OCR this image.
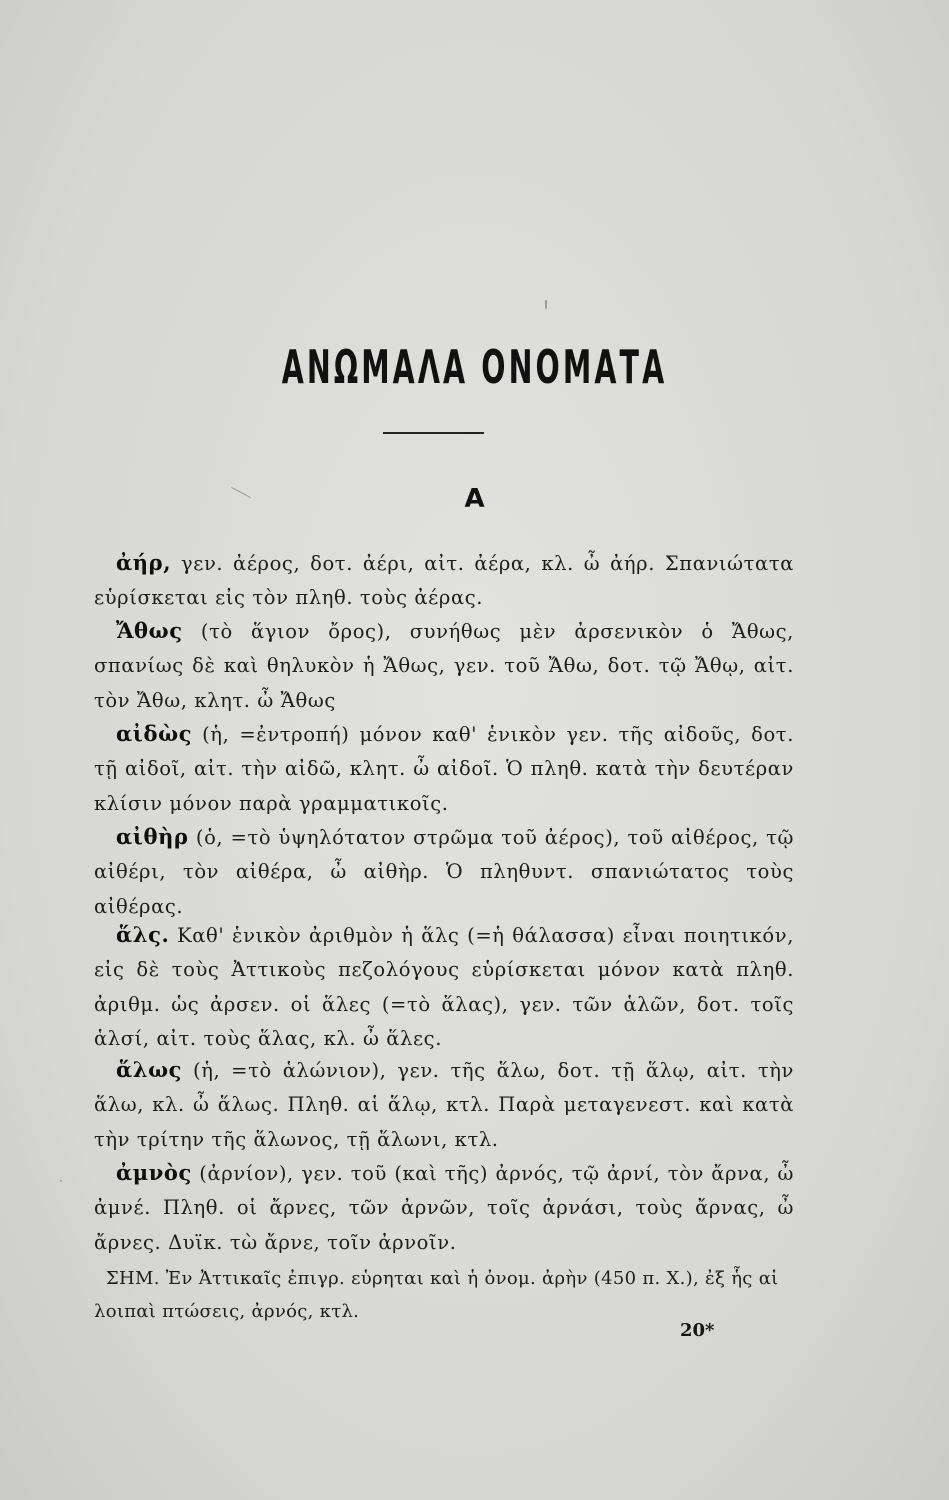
ΑΝΩΜΑΛΑ ΟΝΟΜΑΤΑ
Α
ἀήρ, γεν. ἀέρος, δοτ. ἀέρι, αἰτ. ἀέρα, κλ. ὦ ἀήρ. Σπανιώτατα εὑρίσκεται εἰς τὸν πληθ. τοὺς ἀέρας.
Ἄθως (τὸ ἅγιον ὄρος), συνήθως μὲν ἀρσενικὸν ὁ Ἄθως, σπανίως δὲ καὶ θηλυκὸν ἡ Ἄθως, γεν. τοῦ Ἄθω, δοτ. τῷ Ἄθῳ, αἰτ. τὸν Ἄθω, κλητ. ὦ Ἄθως
αἰδὼς (ἡ, =ἐντροπή) μόνον καθ' ἑνικὸν γεν. τῆς αἰδοῦς, δοτ. τῇ αἰδοῖ, αἰτ. τὴν αἰδῶ, κλητ. ὦ αἰδοῖ. Ὁ πληθ. κατὰ τὴν δευτέραν κλίσιν μόνον παρὰ γραμματικοῖς.
αἰθὴρ (ὁ, =τὸ ὑψηλότατον στρῶμα τοῦ ἀέρος), τοῦ αἰθέρος, τῷ αἰθέρι, τὸν αἰθέρα, ὦ αἰθὴρ. Ὁ πληθυντ. σπανιώτατος τοὺς αἰθέρας.
ἅλς. Καθ' ἑνικὸν ἀριθμὸν ἡ ἅλς (=ἡ θάλασσα) εἶναι ποιητικόν, εἰς δὲ τοὺς Ἀττικοὺς πεζολόγους εὑρίσκεται μόνον κατὰ πληθ. ἀριθμ. ὡς ἀρσεν. οἱ ἅλες (=τὸ ἅλας), γεν. τῶν ἁλῶν, δοτ. τοῖς ἁλσί, αἰτ. τοὺς ἅλας, κλ. ὦ ἅλες.
ἅλως (ἡ, =τὸ ἁλώνιον), γεν. τῆς ἅλω, δοτ. τῇ ἅλῳ, αἰτ. τὴν ἅλω, κλ. ὦ ἅλως. Πληθ. αἱ ἅλῳ, κτλ. Παρὰ μεταγενεστ. καὶ κατὰ τὴν τρίτην τῆς ἅλωνος, τῇ ἅλωνι, κτλ.
ἀμνὸς (ἀρνίον), γεν. τοῦ (καὶ τῆς) ἀρνός, τῷ ἀρνί, τὸν ἄρνα, ὦ ἀμνέ. Πληθ. οἱ ἄρνες, τῶν ἀρνῶν, τοῖς ἀρνάσι, τοὺς ἄρνας, ὦ ἄρνες. Δυϊκ. τὼ ἄρνε, τοῖν ἀρνοῖν.
ΣΗΜ. Ἐν Ἀττικαῖς ἐπιγρ. εὑρηται καὶ ἡ ὀνομ. ἀρὴν (450 π. Χ.), ἐξ ἧς αἱ λοιπαὶ πτώσεις, ἀρνός, κτλ.
20*
